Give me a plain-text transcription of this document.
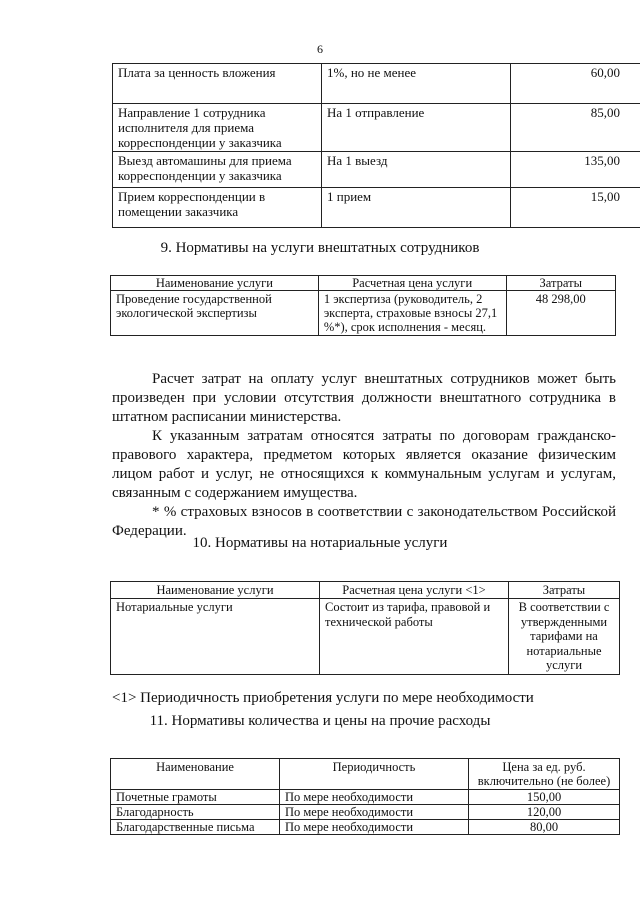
6
Плата за ценность вложения	1%, но не менее	60,00
Направление 1 сотрудника исполнителя для приема корреспонденции у заказчика	На 1 отправление	85,00
Выезд автомашины для приема корреспонденции у заказчика	На 1 выезд	135,00
Прием корреспонденции в помещении заказчика	1 прием	15,00
9. Нормативы на услуги внештатных сотрудников
Наименование услуги	Расчетная цена услуги	Затраты
Проведение государственной экологической экспертизы	1 экспертиза (руководитель, 2 эксперта, страховые взносы 27,1 %*), срок исполнения - месяц.	48 298,00

Расчет затрат на оплату услуг внештатных сотрудников может быть произведен при условии отсутствия должности внештатного сотрудника в штатном расписании министерства.

К указанным затратам относятся затраты по договорам гражданско-правового характера, предметом которых является оказание физическим лицом работ и услуг, не относящихся к коммунальным услугам и услугам, связанным с содержанием имущества.

* % страховых взносов в соответствии с законодательством Российской Федерации.

10. Нормативы на нотариальные услуги
Наименование услуги	Расчетная цена услуги <1>	Затраты
Нотариальные услуги	Состоит из тарифа, правовой и технической работы	В соответствии с утвержденными тарифами на нотариальные услуги
<1> Периодичность приобретения услуги по мере необходимости
11. Нормативы количества и цены на прочие расходы
Наименование	Периодичность	Цена за ед. руб. включительно (не более)
Почетные грамоты	По мере необходимости	150,00
Благодарность	По мере необходимости	120,00
Благодарственные письма	По мере необходимости	80,00
